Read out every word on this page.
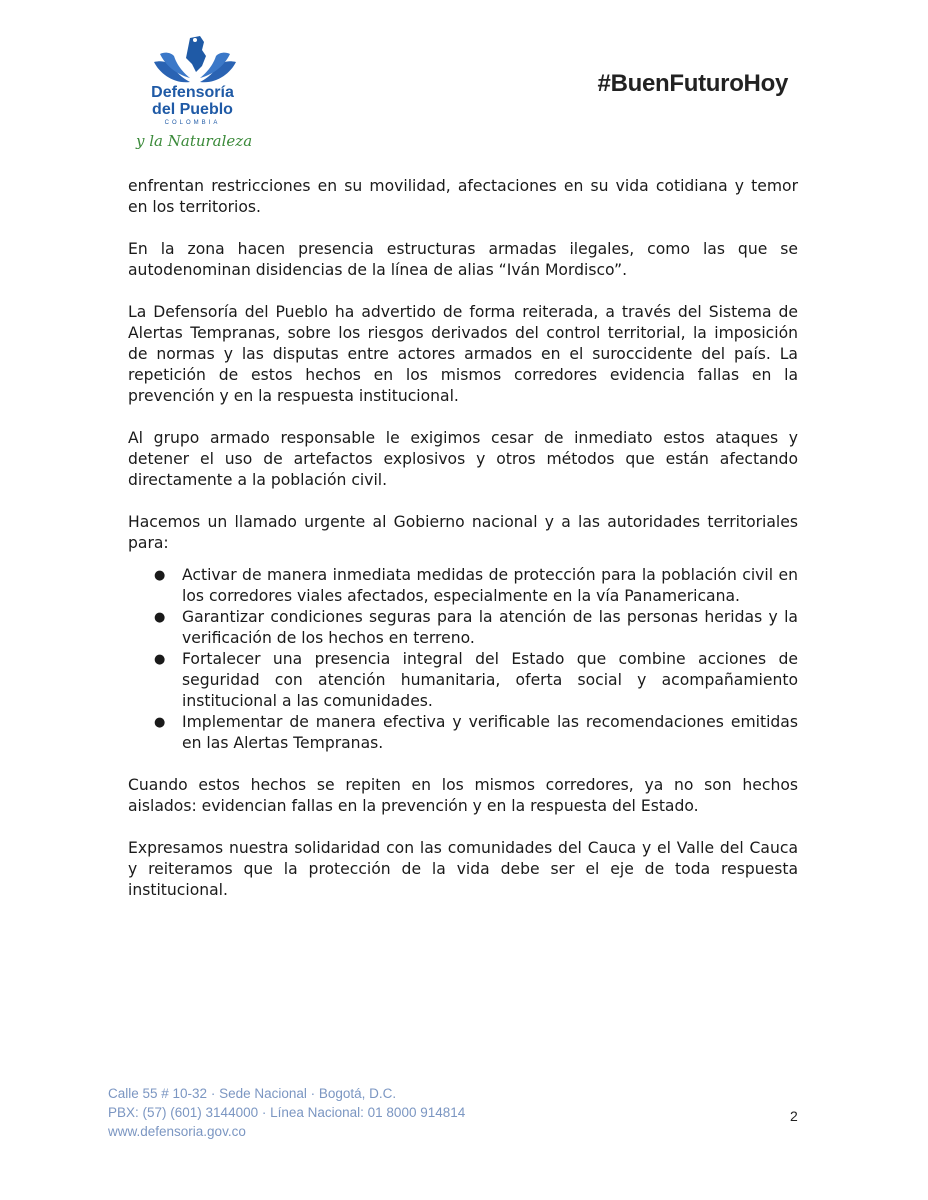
Defensoría
del Pueblo
COLOMBIA
y la Naturaleza
#BuenFuturoHoy

enfrentan restricciones en su movilidad, afectaciones en su vida cotidiana y temor en los territorios.

En la zona hacen presencia estructuras armadas ilegales, como las que se autodenominan disidencias de la línea de alias “Iván Mordisco”.

La Defensoría del Pueblo ha advertido de forma reiterada, a través del Sistema de Alertas Tempranas, sobre los riesgos derivados del control territorial, la imposición de normas y las disputas entre actores armados en el suroccidente del país. La repetición de estos hechos en los mismos corredores evidencia fallas en la prevención y en la respuesta institucional.

Al grupo armado responsable le exigimos cesar de inmediato estos ataques y detener el uso de artefactos explosivos y otros métodos que están afectando directamente a la población civil.

Hacemos un llamado urgente al Gobierno nacional y a las autoridades territoriales para:

● Activar de manera inmediata medidas de protección para la población civil en los corredores viales afectados, especialmente en la vía Panamericana.
● Garantizar condiciones seguras para la atención de las personas heridas y la verificación de los hechos en terreno.
● Fortalecer una presencia integral del Estado que combine acciones de seguridad con atención humanitaria, oferta social y acompañamiento institucional a las comunidades.
● Implementar de manera efectiva y verificable las recomendaciones emitidas en las Alertas Tempranas.

Cuando estos hechos se repiten en los mismos corredores, ya no son hechos aislados: evidencian fallas en la prevención y en la respuesta del Estado.

Expresamos nuestra solidaridad con las comunidades del Cauca y el Valle del Cauca y reiteramos que la protección de la vida debe ser el eje de toda respuesta institucional.

Calle 55 # 10-32 · Sede Nacional · Bogotá, D.C.
PBX: (57) (601) 3144000 · Línea Nacional: 01 8000 914814
www.defensoria.gov.co
2
